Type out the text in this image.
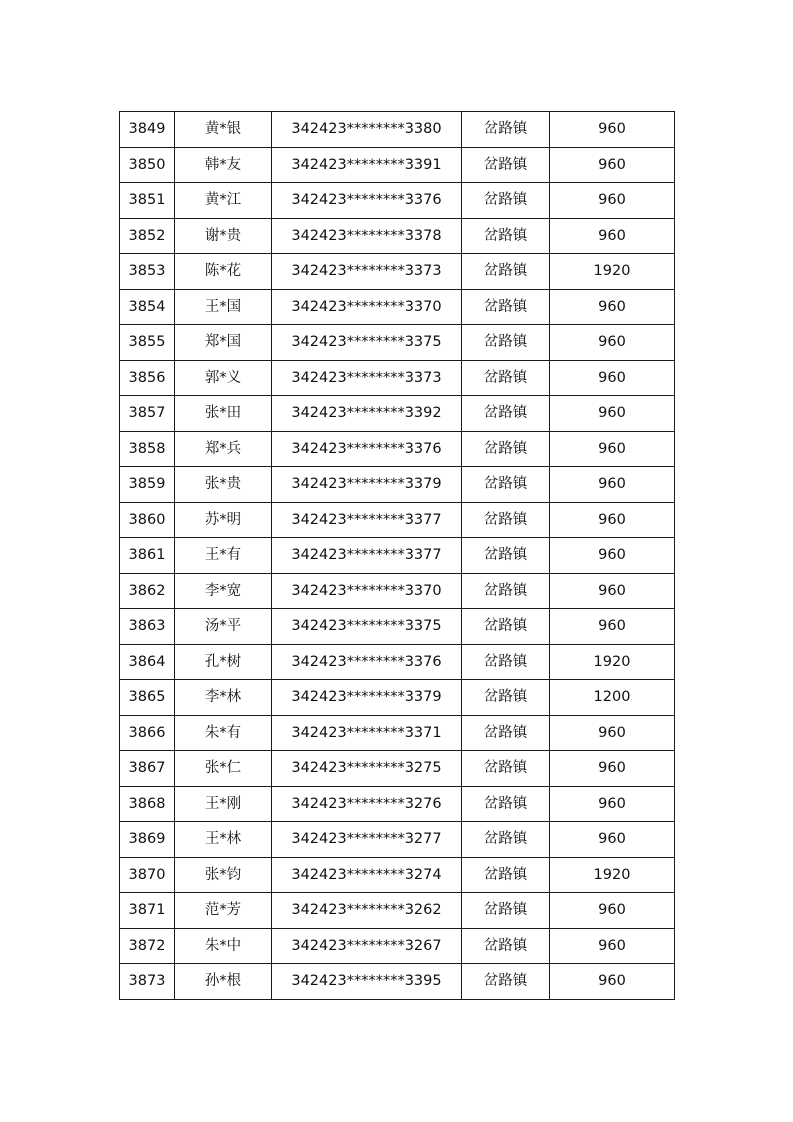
3849	黄*银	342423********3380	岔路镇	960
3850	韩*友	342423********3391	岔路镇	960
3851	黄*江	342423********3376	岔路镇	960
3852	谢*贵	342423********3378	岔路镇	960
3853	陈*花	342423********3373	岔路镇	1920
3854	王*国	342423********3370	岔路镇	960
3855	郑*国	342423********3375	岔路镇	960
3856	郭*义	342423********3373	岔路镇	960
3857	张*田	342423********3392	岔路镇	960
3858	郑*兵	342423********3376	岔路镇	960
3859	张*贵	342423********3379	岔路镇	960
3860	苏*明	342423********3377	岔路镇	960
3861	王*有	342423********3377	岔路镇	960
3862	李*宽	342423********3370	岔路镇	960
3863	汤*平	342423********3375	岔路镇	960
3864	孔*树	342423********3376	岔路镇	1920
3865	李*林	342423********3379	岔路镇	1200
3866	朱*有	342423********3371	岔路镇	960
3867	张*仁	342423********3275	岔路镇	960
3868	王*刚	342423********3276	岔路镇	960
3869	王*林	342423********3277	岔路镇	960
3870	张*钧	342423********3274	岔路镇	1920
3871	范*芳	342423********3262	岔路镇	960
3872	朱*中	342423********3267	岔路镇	960
3873	孙*根	342423********3395	岔路镇	960
